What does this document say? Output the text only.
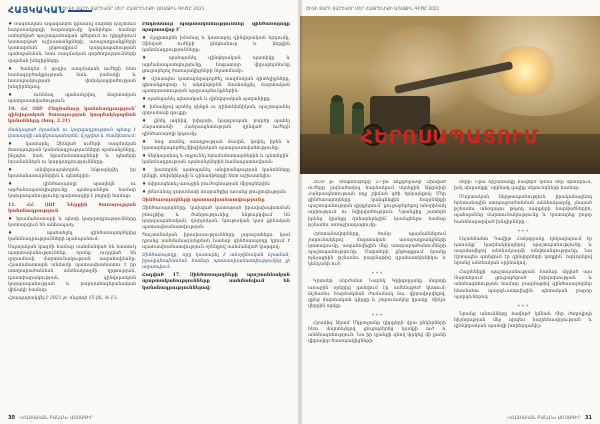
ՀԱՅԿԱԿԱՆ
ՇԻՏԻ ՏԱՐԻ ՏԱՐԵՎՈՐ ՄԵՐ ՀԱՅՐԵՆԻՔԻ ԱՌԱՋԻՆ ԳԻԾԸ 2021

♦ ռազմական ավագանին դրանով մարտի դաշտում հակառակորդի հարձակումը կանխելու համար ստեղծված պաշտպանական գծերում ու դիրքերում կատարված աշխատանքների, առաջադրանքների կատարման ընթացքում կարգապահության պահպանման, նաև ռազմական գործողությունների վարման խնդիրները:

♦ հանդես է գալիս ռազմական ուժերի հետ համագործակցության, նաև բանակի և հասարակության փոխկապվածության խնդիրներով:

♦ ունենալ պահանջվող մարտական պատրաստվածություն:

10. ՀՀ ԶՈՒ Ընդհանուր կանոնադրություն՝ զինվորական ծառայության կազմակերպման կանոնները (հոդ. 2.31)

Ցանկացած հրաման ու կարգադրություն պետք է կատարվի անվերապահորեն, ճշգրիտ և ժամկետում:

♦ կատարել Զինված ուժերի ռազմական ծառայության կանոնադրությունների պահանջները, ինչպես նաև հրամանատարների և պետերի հրամաններն ու կարգադրությունները:

♦ անվերապահորեն ենթարկվել իր հրամանատարներին և պետերին:

♦ զինծառայողի պատիվն ու արժանապատվությունը պահպանելու համար կարգապահությունը պարտադիր է բոլորի համար:

11. ՀՀ ԶՈՒ Ներքին ծառայության կանոնադրություն

♦ հրամանատարի և պետի կարգադրությունները կատարվում են անհապաղ:

♦ պահանջել զինծառայողներից կանոնադրությունների պահպանում:

Սպայական կազմի համար սահմանված են հատուկ պարտականություններ, որոնք ուղղված են զորամասի մարտունակության ապահովմանը: Հրամանատարն անձամբ պատասխանատու է իր ստորաբաժանման անձնակազմի կրթության, դաստիարակության, զինվորական կարգապահության և բարոյահոգեբանական վիճակի համար:

Հրապարակվել է 2021 թ. մարտի 15-ին, № 13:

Ընդհանուր պարտականություններ՝ զինծառայողը պարտավոր է՝

♦ ճշգրտորեն իմանալ և կատարել զինվորական երդումը, Զինված ուժերի ընդհանուր և ներքին կանոնադրությունները:

♦ պահպանել զինվորական պատիվը և արժանապատվությունը, հոգատար վերաբերմունք ցուցաբերել ծառայակիցների նկատմամբ:

♦ մշտապես կատարելագործել ռազմական գիտելիքները, գիտակցաբար և ակտիվորեն մասնակցել մարտական պատրաստության պարապմունքներին:

♦ պահպանել պետական և զինվորական գաղտնիքը:

♦ խնամքով պահել զենքն ու զինտեխնիկան, պաշտպանել զորամասի գույքը:

♦ լինել ազնիվ, խիզախ, կարգապահ, բարձր պահել Հայաստանի Հանրապետության զինված ուժերի զինծառայողի կոչումը:

♦ հոգ տանել առողջության մասին, կոփել իրեն և կատարելագործել ֆիզիկական պատրաստվածությունը:

♦ ներկայանալ և ողջունել հրամանատարներին և պետերին՝ կանոնադրության պահանջներին համապատասխան:

♦ խստորեն պահպանել անվտանգության կանոնները զենքի, տեխնիկայի և զինամթերքի հետ աշխատելիս:

♦ տիրապետել առաջին բուժօգնության միջոցներին:

♦ չհեռանալ զորամասի տարածքից առանց թույլտվության:

Զինծառայողների պատասխանատվությունը

Զինծառայողները, կախված կատարած իրավախախտման բնույթից և ծանրությունից, ենթարկվում են կարգապահական, վարչական, նյութական կամ քրեական պատասխանատվության:

Պաշտոնական իրավասությունները չարաշահելու կամ դրանց սահմանազանցման համար զինծառայողը կրում է պատասխանատվություն օրենքով սահմանված կարգով:

Զինծառայողը, որը կատարել է անօրինական հրաման, իրավախախտման համար պատասխանատվությունից չի ազատվում:

Հոդված 17. Զինծառայողների պաշտոնեական պարտականությունները սահմանվում են կանոնադրություններով:

30 «ՀԱՅԿԱԿԱՆ ԲԱՆԱԿ» ԱՄՍԱԳԻՐ
ՇԻՏԻ ՏԱՐԻ ՏԱՐԵՎՈՐ ՄԵՐ ՀԱՅՐԵՆԻՔԻ ԱՌԱՋԻՆ ԳԻԾԸ 2021
ՀԵՐՈՍԱՊԱՏՈՒՄ

2020 թ. սեպտեմբերի 27-ին Ադրբեջանի Զինված ուժերը լայնածավալ հարձակում սկսեցին Արցախի Հանրապետության ողջ շփման գծի երկայնքով: Մեր զինծառայողները կանգնեցին հայրենիքի պաշտպանության դիրքերում՝ ցուցաբերելով անօրինակ արիություն ու նվիրվածություն: Նրանցից շատերն իրենց կյանքը զոհաբերեցին՝ կասեցնելու համար թշնամու առաջխաղացումը:

Հրետանավորները, ծանր պայմաններում շարունակելով մարտական առաջադրանքների կատարումը, ապահովեցին մեր ստորաբաժանումների պաշտպանությունը: Մարտերի ընթացքում նրանք ոչնչացրին թշնամու բազմաթիվ զրահատեխնիկա և կենդանի ուժ:

* * *

Կրտսեր սերժանտ Նարեկ Գրիգորյանը մարտի առաջին օրերից գտնվում էր ամենաթեժ կետում: Թշնամու հարձակման ժամանակ նա, վիրավորվելով, չլքեց մարտական դիրքը և շարունակեց կրակը՝ մինչև վերջին արկը:

* * *

Հրաձիգ Արամ Մկրտչյանը դիրքերի վրա ընկերների հետ մարտնչելով ցուցաբերեց կամքի ուժ և անձնազոհություն: Նա իր կյանքի գնով փրկեց մի քանի վիրավոր ծառայակիցների:

ների: Նրա հիշատակը հավերժ կմնա մեր սրտերում, իսկ սխրանքը՝ օրինակ գալիք սերունդների համար:

Մարտական հերթապահություն իրականացնող հրետանային ստորաբաժանման անձնակազմը, չնայած թշնամու անօդաչու թռչող սարքերի հարվածներին, պահպանեց մարտունակությունը և կատարեց բոլոր հանձնարարված խնդիրները:

* * *

Լեյտենանտ Դավիթ Հակոբյանը ղեկավարում էր դասակը՝ կազմակերպելով պաշտպանությունը և ապահովելով անձնակազմի անվտանգությունը: Նա մշտապես գտնվում էր զինվորների կողքին՝ ոգևորելով նրանց անձնական օրինակով:

Հայրենիքի պաշտպանության համար մղված այս մարտերում ցուցաբերած խիզախության և անձնազոհության համար բազմաթիվ զինծառայողներ հետմահու պարգևատրվեցին պետական բարձր պարգևներով:

* * *

Նրանց անունները հավերժ կմնան մեր ժողովրդի հիշողության մեջ որպես հայրենասիրության և զինվորական պատվի խորհրդանիշ:

«ՀԱՅԿԱԿԱՆ ԲԱՆԱԿ» ԱՄՍԱԳԻՐ 31
